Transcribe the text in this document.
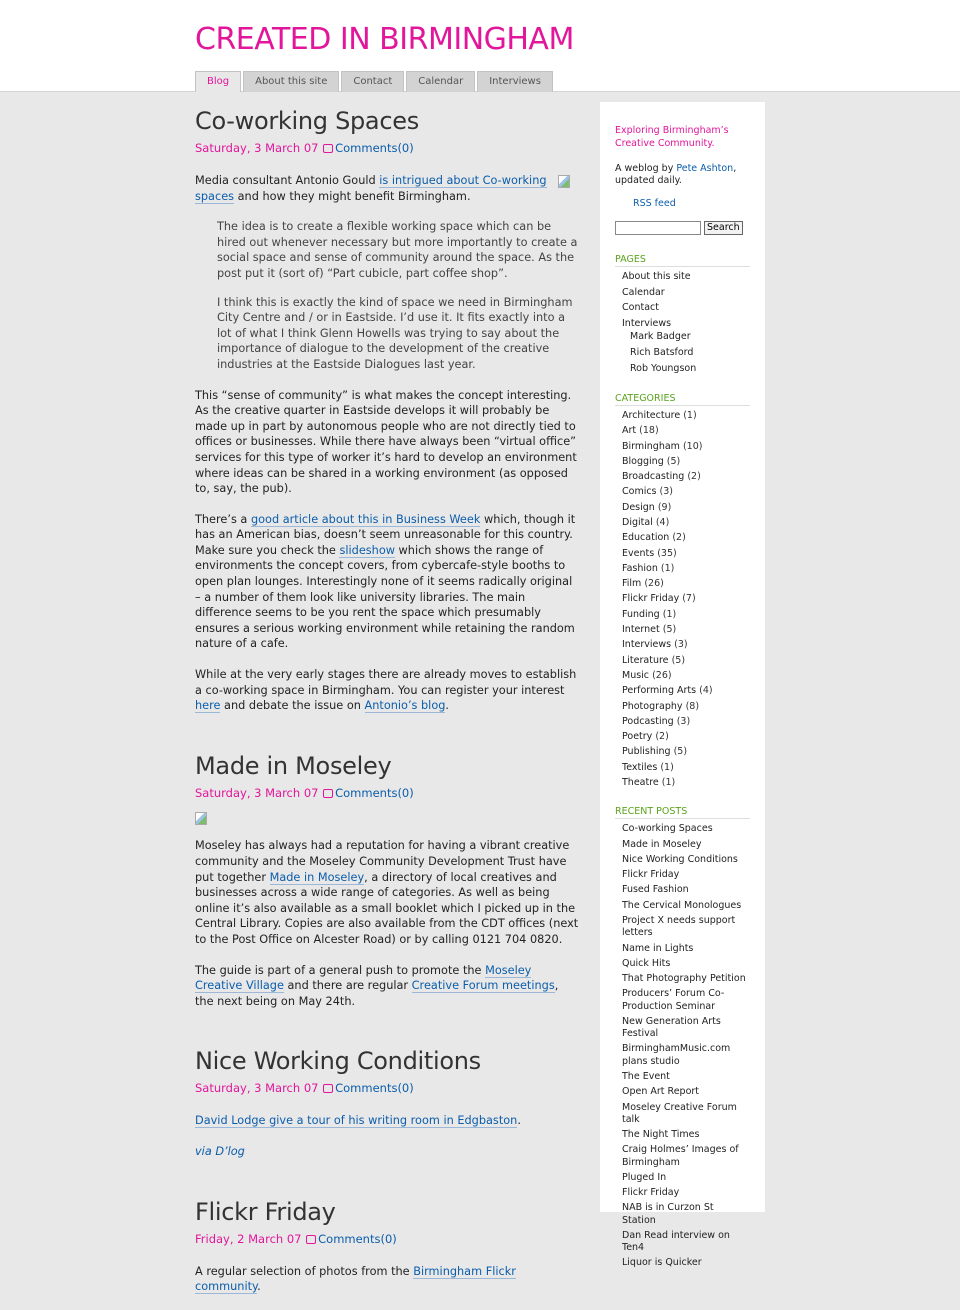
CREATED IN BIRMINGHAM
Blog	About this site	Contact	Calendar	Interviews
Co-working Spaces
Saturday, 3 March 07 Comments(0)

Media consultant Antonio Gould is intrigued about Co-working spaces and how they might benefit Birmingham.

The idea is to create a flexible working space which can be hired out whenever necessary but more importantly to create a social space and sense of community around the space. As the post put it (sort of) “Part cubicle, part coffee shop”.

I think this is exactly the kind of space we need in Birmingham City Centre and / or in Eastside. I’d use it. It fits exactly into a lot of what I think Glenn Howells was trying to say about the importance of dialogue to the development of the creative industries at the Eastside Dialogues last year.

This “sense of community” is what makes the concept interesting. As the creative quarter in Eastside develops it will probably be made up in part by autonomous people who are not directly tied to offices or businesses. While there have always been “virtual office” services for this type of worker it’s hard to develop an environment where ideas can be shared in a working environment (as opposed to, say, the pub).

There’s a good article about this in Business Week which, though it has an American bias, doesn’t seem unreasonable for this country. Make sure you check the slideshow which shows the range of environments the concept covers, from cybercafe-style booths to open plan lounges. Interestingly none of it seems radically original – a number of them look like university libraries. The main difference seems to be you rent the space which presumably ensures a serious working environment while retaining the random nature of a cafe.

While at the very early stages there are already moves to establish a co-working space in Birmingham. You can register your interest here and debate the issue on Antonio’s blog.

Made in Moseley
Saturday, 3 March 07 Comments(0)

Moseley has always had a reputation for having a vibrant creative community and the Moseley Community Development Trust have put together Made in Moseley, a directory of local creatives and businesses across a wide range of categories. As well as being online it’s also available as a small booklet which I picked up in the Central Library. Copies are also available from the CDT offices (next to the Post Office on Alcester Road) or by calling 0121 704 0820.

The guide is part of a general push to promote the Moseley Creative Village and there are regular Creative Forum meetings, the next being on May 24th.

Nice Working Conditions
Saturday, 3 March 07 Comments(0)

David Lodge give a tour of his writing room in Edgbaston.

via D’log

Flickr Friday
Friday, 2 March 07 Comments(0)

A regular selection of photos from the Birmingham Flickr community.

Exploring Birmingham’s Creative Community.

A weblog by Pete Ashton, updated daily.

RSS feed
Search
PAGES
About this site
Calendar
Contact
Interviews
Mark Badger
Rich Batsford
Rob Youngson
CATEGORIES
Architecture (1)
Art (18)
Birmingham (10)
Blogging (5)
Broadcasting (2)
Comics (3)
Design (9)
Digital (4)
Education (2)
Events (35)
Fashion (1)
Film (26)
Flickr Friday (7)
Funding (1)
Internet (5)
Interviews (3)
Literature (5)
Music (26)
Performing Arts (4)
Photography (8)
Podcasting (3)
Poetry (2)
Publishing (5)
Textiles (1)
Theatre (1)
RECENT POSTS
Co-working Spaces
Made in Moseley
Nice Working Conditions
Flickr Friday
Fused Fashion
The Cervical Monologues
Project X needs support letters
Name in Lights
Quick Hits
That Photography Petition
Producers’ Forum Co-Production Seminar
New Generation Arts Festival
BirminghamMusic.com plans studio
The Event
Open Art Report
Moseley Creative Forum talk
The Night Times
Craig Holmes’ Images of Birmingham
Pluged In
Flickr Friday
NAB is in Curzon St Station
Dan Read interview on Ten4
Liquor is Quicker
